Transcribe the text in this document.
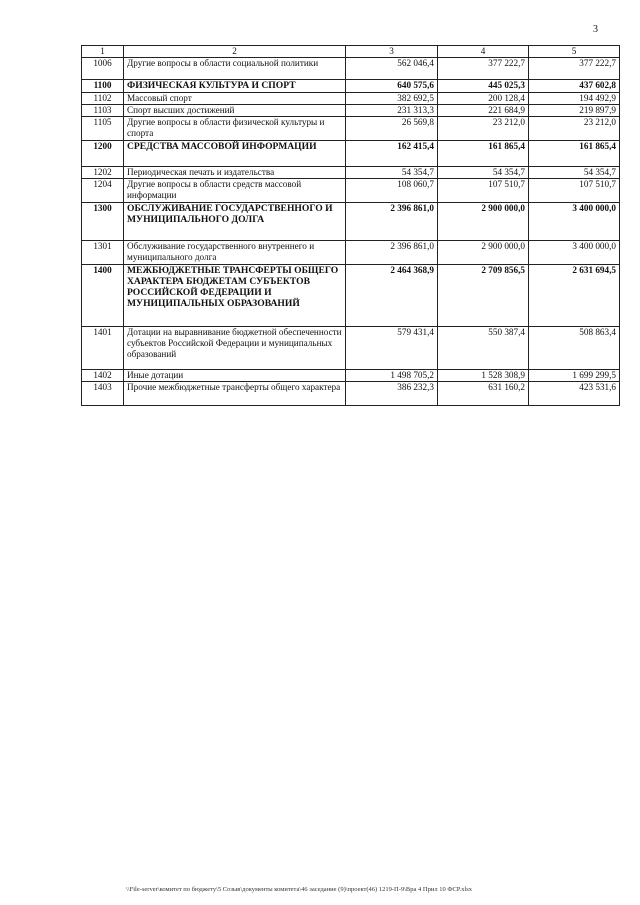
3
1	2	3	4	5
1006	Другие вопросы в области социальной политики	562 046,4	377 222,7	377 222,7
1100	ФИЗИЧЕСКАЯ КУЛЬТУРА И СПОРТ	640 575,6	445 025,3	437 602,8
1102	Массовый спорт	382 692,5	200 128,4	194 492,9
1103	Спорт высших достижений	231 313,3	221 684,9	219 897,9
1105	Другие вопросы в области физической культуры и спорта	26 569,8	23 212,0	23 212,0
1200	СРЕДСТВА МАССОВОЙ ИНФОРМАЦИИ	162 415,4	161 865,4	161 865,4
1202	Периодическая печать и издательства	54 354,7	54 354,7	54 354,7
1204	Другие вопросы в области средств массовой информации	108 060,7	107 510,7	107 510,7
1300	ОБСЛУЖИВАНИЕ ГОСУДАРСТВЕННОГО И МУНИЦИПАЛЬНОГО ДОЛГА	2 396 861,0	2 900 000,0	3 400 000,0
1301	Обслуживание государственного внутреннего и муниципального долга	2 396 861,0	2 900 000,0	3 400 000,0
1400	МЕЖБЮДЖЕТНЫЕ ТРАНСФЕРТЫ ОБЩЕГО ХАРАКТЕРА БЮДЖЕТАМ СУБЪЕКТОВ РОССИЙСКОЙ ФЕДЕРАЦИИ И МУНИЦИПАЛЬНЫХ ОБРАЗОВАНИЙ	2 464 368,9	2 709 856,5	2 631 694,5
1401	Дотации на выравнивание бюджетной обеспеченности субъектов Российской Федерации и муниципальных образований	579 431,4	550 387,4	508 863,4
1402	Иные дотации	1 498 705,2	1 528 308,9	1 699 299,5
1403	Прочие межбюджетные трансферты общего характера	386 232,3	631 160,2	423 531,6
\\File-server\комитет по бюджету\5 Созыв\документы комитета\46 заседание (9)\проект(46) 1219-П-9\Вра 4 Прил 10 ФСР.xlsx
